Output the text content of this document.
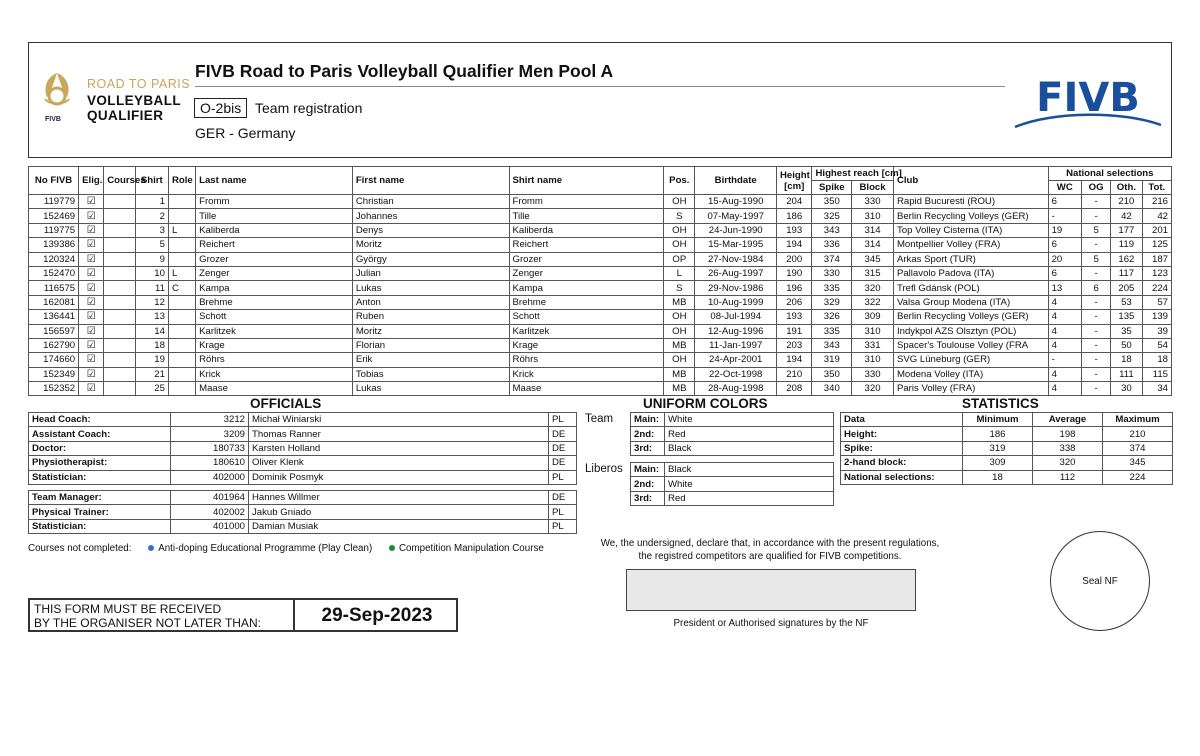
FIVB
ROAD TO PARIS
VOLLEYBALL
QUALIFIER
FIVB Road to Paris Volleyball Qualifier Men Pool A
O-2bis Team registration
GER - Germany
FIVB
No FIVB	Elig.	Courses	Shirt	Role	Last name	First name	Shirt name	Pos.	Birthdate	Height [cm]	Highest reach [cm]		Club	National selections			
											Spike	Block		WC	OG	Oth.	Tot.
119779	☑		1		Fromm	Christian	Fromm	OH	15-Aug-1990	204	350	330	Rapid Bucuresti (ROU)	6	-	210	216
152469	☑		2		Tille	Johannes	Tille	S	07-May-1997	186	325	310	Berlin Recycling Volleys (GER)	-	-	42	42
119775	☑		3	L	Kaliberda	Denys	Kaliberda	OH	24-Jun-1990	193	343	314	Top Volley Cisterna (ITA)	19	5	177	201
139386	☑		5		Reichert	Moritz	Reichert	OH	15-Mar-1995	194	336	314	Montpellier Volley (FRA)	6	-	119	125
120324	☑		9		Grozer	György	Grozer	OP	27-Nov-1984	200	374	345	Arkas Sport (TUR)	20	5	162	187
152470	☑		10	L	Zenger	Julian	Zenger	L	26-Aug-1997	190	330	315	Pallavolo Padova (ITA)	6	-	117	123
116575	☑		11	C	Kampa	Lukas	Kampa	S	29-Nov-1986	196	335	320	Trefl Gdánsk (POL)	13	6	205	224
162081	☑		12		Brehme	Anton	Brehme	MB	10-Aug-1999	206	329	322	Valsa Group Modena (ITA)	4	-	53	57
136441	☑		13		Schott	Ruben	Schott	OH	08-Jul-1994	193	326	309	Berlin Recycling Volleys (GER)	4	-	135	139
156597	☑		14		Karlitzek	Moritz	Karlitzek	OH	12-Aug-1996	191	335	310	Indykpol AZS Olsztyn (POL)	4	-	35	39
162790	☑		18		Krage	Florian	Krage	MB	11-Jan-1997	203	343	331	Spacer's Toulouse Volley (FRA	4	-	50	54
174660	☑		19		Röhrs	Erik	Röhrs	OH	24-Apr-2001	194	319	310	SVG Lüneburg (GER)	-	-	18	18
152349	☑		21		Krick	Tobias	Krick	MB	22-Oct-1998	210	350	330	Modena Volley (ITA)	4	-	111	115
152352	☑		25		Maase	Lukas	Maase	MB	28-Aug-1998	208	340	320	Paris Volley (FRA)	4	-	30	34
OFFICIALS
Head Coach:	3212	Michał Winiarski	PL
Assistant Coach:	3209	Thomas Ranner	DE
Doctor:	180733	Karsten Holland	DE
Physiotherapist:	180610	Oliver Klenk	DE
Statistician:	402000	Dominik Posmyk	PL
Team Manager:	401964	Hannes Willmer	DE
Physical Trainer:	402002	Jakub Gniado	PL
Statistician:	401000	Damian Musiak	PL
UNIFORM COLORS
Team
Liberos
Main:	White
2nd:	Red
3rd:	Black
Main:	Black
2nd:	White
3rd:	Red
STATISTICS
Data	Minimum	Average	Maximum
Height:	186	198	210
Spike:	319	338	374
2-hand block:	309	320	345
National selections:	18	112	224
Courses not completed:	Anti-doping Educational Programme (Play Clean)	Competition Manipulation Course	We, the undersigned, declare that, in accordance with the present regulations,
the registred competitors are qualified for FIVB competitions.
President or Authorised signatures by the NF
Seal NF
THIS FORM MUST BE RECEIVED
BY THE ORGANISER NOT LATER THAN:	29-Sep-2023
